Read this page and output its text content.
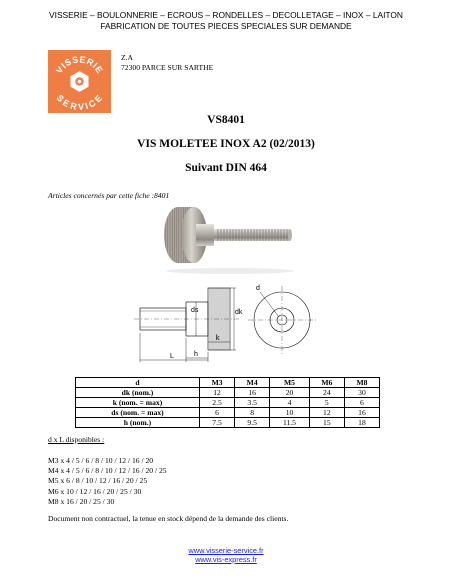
VISSERIE – BOULONNERIE – ECROUS – RONDELLES – DECOLLETAGE – INOX – LAITON
FABRICATION DE TOUTES PIECES SPECIALES SUR DEMANDE
VISSERIE
SERVICE
Z.A
72300 PARCE SUR SARTHE
VS8401
VIS MOLETEE INOX A2 (02/2013)
Suivant DIN 464
Articles concernés par cette fiche :8401
L	h
k
ds	dk
d
d	M3	M4	M5	M6	M8
dk (nom.)	12	16	20	24	30
k (nom. = max)	2.5	3.5	4	5	6
ds (nom. = max)	6	8	10	12	16
h (nom.)	7.5	9.5	11.5	15	18
d x L disponibles :
M3 x 4 / 5 / 6 / 8 / 10 / 12 / 16 / 20
M4 x 4 / 5 / 6 / 8 / 10 / 12 / 16 / 20 / 25
M5 x 6 / 8 / 10 / 12 / 16 / 20 / 25
M6 x 10 / 12 / 16 / 20 / 25 / 30
M8 x 16 / 20 / 25 / 30
Document non contractuel, la tenue en stock dépend de la demande des clients.
www.visserie-service.fr
www.vis-express.fr
